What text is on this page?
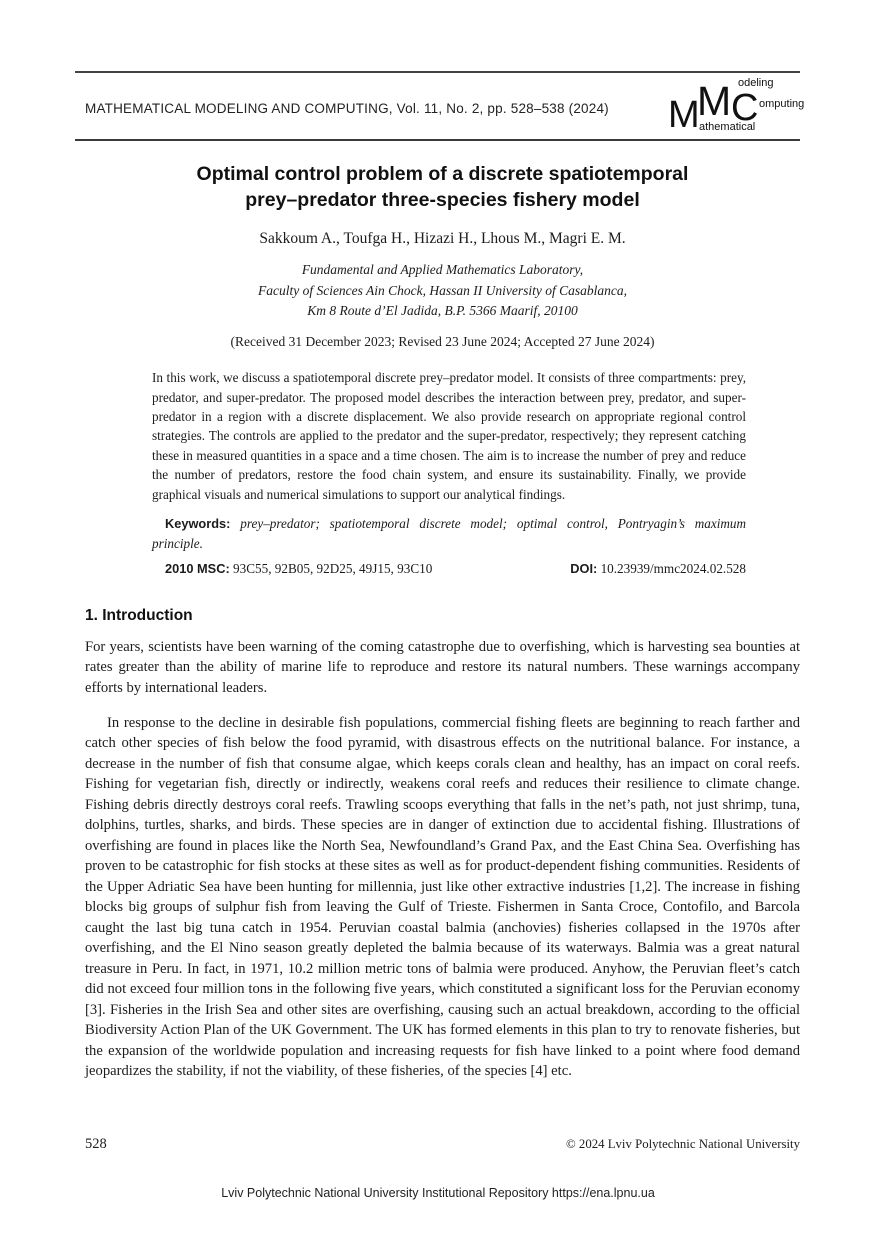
MATHEMATICAL MODELING AND COMPUTING, Vol. 11, No. 2, pp. 528–538 (2024) M
M C
odeling
omputing
athematical
Optimal control problem of a discrete spatiotemporal
prey–predator three-species fishery model
Sakkoum A., Toufga H., Hizazi H., Lhous M., Magri E. M.
Fundamental and Applied Mathematics Laboratory,
Faculty of Sciences Ain Chock, Hassan II University of Casablanca,
Km 8 Route d’El Jadida, B.P. 5366 Maarif, 20100
(Received 31 December 2023; Revised 23 June 2024; Accepted 27 June 2024)
In this work, we discuss a spatiotemporal discrete prey–predator model. It consists of three compartments: prey, predator, and super-predator. The proposed model describes the interaction between prey, predator, and super-predator in a region with a discrete displacement. We also provide research on appropriate regional control strategies. The controls are applied to the predator and the super-predator, respectively; they represent catching these in measured quantities in a space and a time chosen. The aim is to increase the number of prey and reduce the number of predators, restore the food chain system, and ensure its sustainability. Finally, we provide graphical visuals and numerical simulations to support our analytical findings.
Keywords: prey–predator; spatiotemporal discrete model; optimal control, Pontryagin’s maximum principle.
2010 MSC: 93C55, 92B05, 92D25, 49J15, 93C10	DOI: 10.23939/mmc2024.02.528
1. Introduction

For years, scientists have been warning of the coming catastrophe due to overfishing, which is harvesting sea bounties at rates greater than the ability of marine life to reproduce and restore its natural numbers. These warnings accompany efforts by international leaders.

In response to the decline in desirable fish populations, commercial fishing fleets are beginning to reach farther and catch other species of fish below the food pyramid, with disastrous effects on the nutritional balance. For instance, a decrease in the number of fish that consume algae, which keeps corals clean and healthy, has an impact on coral reefs. Fishing for vegetarian fish, directly or indirectly, weakens coral reefs and reduces their resilience to climate change. Fishing debris directly destroys coral reefs. Trawling scoops everything that falls in the net’s path, not just shrimp, tuna, dolphins, turtles, sharks, and birds. These species are in danger of extinction due to accidental fishing. Illustrations of overfishing are found in places like the North Sea, Newfoundland’s Grand Pax, and the East China Sea. Overfishing has proven to be catastrophic for fish stocks at these sites as well as for product-dependent fishing communities. Residents of the Upper Adriatic Sea have been hunting for millennia, just like other extractive industries [1,2]. The increase in fishing blocks big groups of sulphur fish from leaving the Gulf of Trieste. Fishermen in Santa Croce, Contofilo, and Barcola caught the last big tuna catch in 1954. Peruvian coastal balmia (anchovies) fisheries collapsed in the 1970s after overfishing, and the El Nino season greatly depleted the balmia because of its waterways. Balmia was a great natural treasure in Peru. In fact, in 1971, 10.2 million metric tons of balmia were produced. Anyhow, the Peruvian fleet’s catch did not exceed four million tons in the following five years, which constituted a significant loss for the Peruvian economy [3]. Fisheries in the Irish Sea and other sites are overfishing, causing such an actual breakdown, according to the official Biodiversity Action Plan of the UK Government. The UK has formed elements in this plan to try to renovate fisheries, but the expansion of the worldwide population and increasing requests for fish have linked to a point where food demand jeopardizes the stability, if not the viability, of these fisheries, of the species [4] etc.

528	© 2024 Lviv Polytechnic National University
Lviv Polytechnic National University Institutional Repository https://ena.lpnu.ua
